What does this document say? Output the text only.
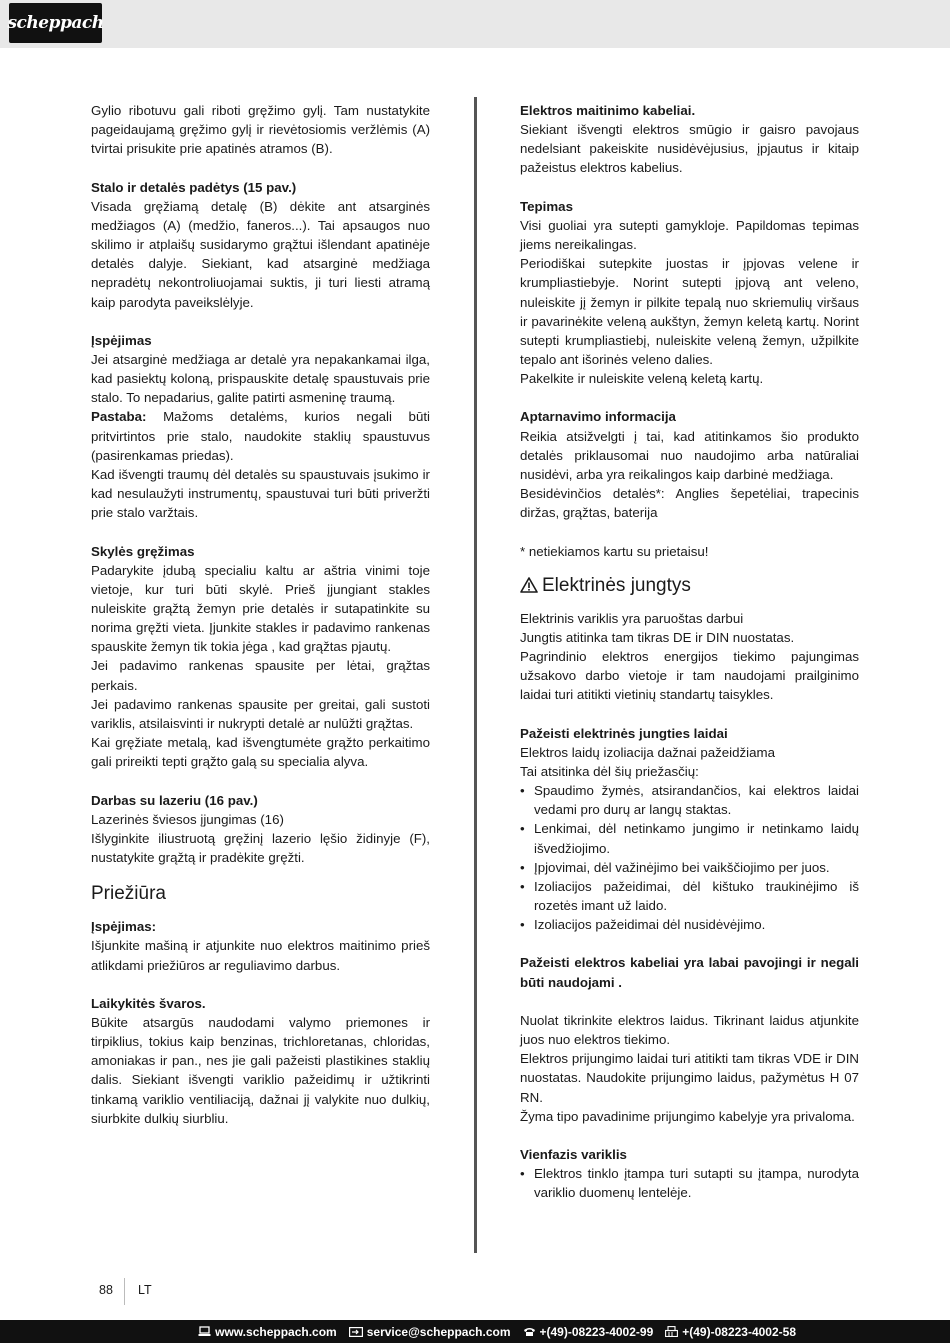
scheppach

Gylio ribotuvu gali riboti gręžimo gylį. Tam nustatykite pageidaujamą gręžimo gylį ir rievėtosiomis veržlėmis (A) tvirtai prisukite prie apatinės atramos (B).

Stalo ir detalės padėtys (15 pav.)

Visada gręžiamą detalę (B) dėkite ant atsarginės medžiagos (A) (medžio, faneros...). Tai apsaugos nuo skilimo ir atplaišų susidarymo grąžtui išlendant apatinėje detalės dalyje. Siekiant, kad atsarginė medžiaga nepradėtų nekontroliuojamai suktis, ji turi liesti atramą kaip parodyta paveikslėlyje.

Įspėjimas

Jei atsarginė medžiaga ar detalė yra nepakankamai ilga, kad pasiektų koloną, prispauskite detalę spaustuvais prie stalo. To nepadarius, galite patirti asmeninę traumą.

Pastaba: Mažoms detalėms, kurios negali būti pritvirtintos prie stalo, naudokite staklių spaustuvus (pasirenkamas priedas).

Kad išvengti traumų dėl detalės su spaustuvais įsukimo ir kad nesulaužyti instrumentų, spaustuvai turi būti priveržti prie stalo varžtais.

Skylės gręžimas

Padarykite įdubą specialiu kaltu ar aštria vinimi toje vietoje, kur turi būti skylė. Prieš įjungiant stakles nuleiskite grąžtą žemyn prie detalės ir sutapatinkite su norima gręžti vieta. Įjunkite stakles ir padavimo rankenas spauskite žemyn tik tokia jėga , kad grąžtas pjautų.

Jei padavimo rankenas spausite per lėtai, grąžtas perkais.

Jei padavimo rankenas spausite per greitai, gali sustoti variklis, atsilaisvinti ir nukrypti detalė ar nulūžti grąžtas.

Kai gręžiate metalą, kad išvengtumėte grąžto perkaitimo gali prireikti tepti grąžto galą su specialia alyva.

Darbas su lazeriu (16 pav.)

Lazerinės šviesos įjungimas (16)

Išlyginkite iliustruotą gręžinį lazerio lęšio židinyje (F), nustatykite grąžtą ir pradėkite gręžti.

Priežiūra

Įspėjimas:

Išjunkite mašiną ir atjunkite nuo elektros maitinimo prieš atlikdami priežiūros ar reguliavimo darbus.

Laikykitės švaros.

Būkite atsargūs naudodami valymo priemones ir tirpiklius, tokius kaip benzinas, trichloretanas, chloridas, amoniakas ir pan., nes jie gali pažeisti plastikines staklių dalis. Siekiant išvengti variklio pažeidimų ir užtikrinti tinkamą variklio ventiliaciją, dažnai jį valykite nuo dulkių, siurbkite dulkių siurbliu.

Elektros maitinimo kabeliai.

Siekiant išvengti elektros smūgio ir gaisro pavojaus nedelsiant pakeiskite nusidėvėjusius, įpjautus ir kitaip pažeistus elektros kabelius.

Tepimas

Visi guoliai yra sutepti gamykloje. Papildomas tepimas jiems nereikalingas.

Periodiškai sutepkite juostas ir įpjovas velene ir krumpliastiebyje. Norint sutepti įpjovą ant veleno, nuleiskite jį žemyn ir pilkite tepalą nuo skriemulių viršaus ir pavarinėkite veleną aukštyn, žemyn keletą kartų. Norint sutepti krumpliastiebį, nuleiskite veleną žemyn, užpilkite tepalo ant išorinės veleno dalies.

Pakelkite ir nuleiskite veleną keletą kartų.

Aptarnavimo informacija

Reikia atsižvelgti į tai, kad atitinkamos šio produkto detalės priklausomai nuo naudojimo arba natūraliai nusidėvi, arba yra reikalingos kaip darbinė medžiaga.

Besidėvinčios detalės*: Anglies šepetėliai, trapecinis diržas, grąžtas, baterija

* netiekiamos kartu su prietaisu!

Elektrinės jungtys

Elektrinis variklis yra paruoštas darbui

Jungtis atitinka tam tikras DE ir DIN nuostatas.

Pagrindinio elektros energijos tiekimo pajungimas užsakovo darbo vietoje ir tam naudojami prailginimo laidai turi atitikti vietinių standartų taisykles.

Pažeisti elektrinės jungties laidai

Elektros laidų izoliacija dažnai pažeidžiama

Tai atsitinka dėl šių priežasčių:

• Spaudimo žymės, atsirandančios, kai elektros laidai vedami pro durų ar langų staktas.
• Lenkimai, dėl netinkamo jungimo ir netinkamo laidų išvedžiojimo.
• Įpjovimai, dėl važinėjimo bei vaikščiojimo per juos.
• Izoliacijos pažeidimai, dėl kištuko traukinėjimo iš rozetės imant už laido.
• Izoliacijos pažeidimai dėl nusidėvėjimo.

Pažeisti elektros kabeliai yra labai pavojingi ir negali būti naudojami .

Nuolat tikrinkite elektros laidus. Tikrinant laidus atjunkite juos nuo elektros tiekimo.

Elektros prijungimo laidai turi atitikti tam tikras VDE ir DIN nuostatas. Naudokite prijungimo laidus, pažymėtus H 07 RN.

Žyma tipo pavadinime prijungimo kabelyje yra privaloma.

Vienfazis variklis

• Elektros tinklo įtampa turi sutapti su įtampa, nurodyta variklio duomenų lentelėje.
88 LT
www.scheppach.com	service@scheppach.com +(49)-08223-4002-99 +(49)-08223-4002-58
